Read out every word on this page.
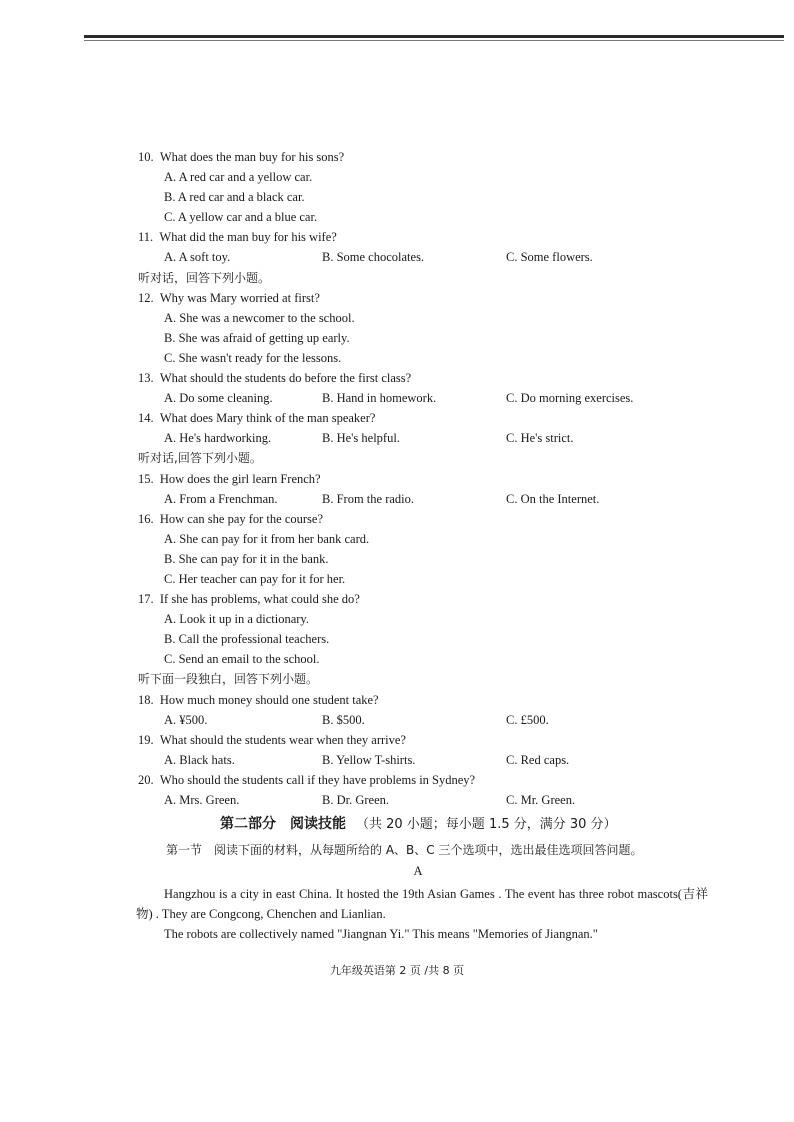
10. What does the man buy for his sons?
A. A red car and a yellow car.
B. A red car and a black car.
C. A yellow car and a blue car.
11. What did the man buy for his wife?
A. A soft toy.	B. Some chocolates.	C. Some flowers.
听对话，回答下列小题。
12. Why was Mary worried at first?
A. She was a newcomer to the school.
B. She was afraid of getting up early.
C. She wasn't ready for the lessons.
13. What should the students do before the first class?
A. Do some cleaning.	B. Hand in homework.	C. Do morning exercises.
14. What does Mary think of the man speaker?
A. He's hardworking.	B. He's helpful.	C. He's strict.
听对话,回答下列小题。
15. How does the girl learn French?
A. From a Frenchman.	B. From the radio.	C. On the Internet.
16. How can she pay for the course?
A. She can pay for it from her bank card.
B. She can pay for it in the bank.
C. Her teacher can pay for it for her.
17. If she has problems, what could she do?
A. Look it up in a dictionary.
B. Call the professional teachers.
C. Send an email to the school.
听下面一段独白，回答下列小题。
18. How much money should one student take?
A. ¥500.	B. $500.	C. £500.
19. What should the students wear when they arrive?
A. Black hats.	B. Yellow T-shirts.	C. Red caps.
20. Who should the students call if they have problems in Sydney?
A. Mrs. Green.	B. Dr. Green.	C. Mr. Green.
第二部分　阅读技能 （共 20 小题；每小题 1.5 分，满分 30 分）
第一节 阅读下面的材料，从每题所给的 A、B、C 三个选项中，选出最佳选项回答问题。
A

Hangzhou is a city in east China. It hosted the 19th Asian Games . The event has three robot mascots(吉祥物) . They are Congcong, Chenchen and Lianlian.

The robots are collectively named "Jiangnan Yi." This means "Memories of Jiangnan."

九年级英语第 2 页 /共 8 页
